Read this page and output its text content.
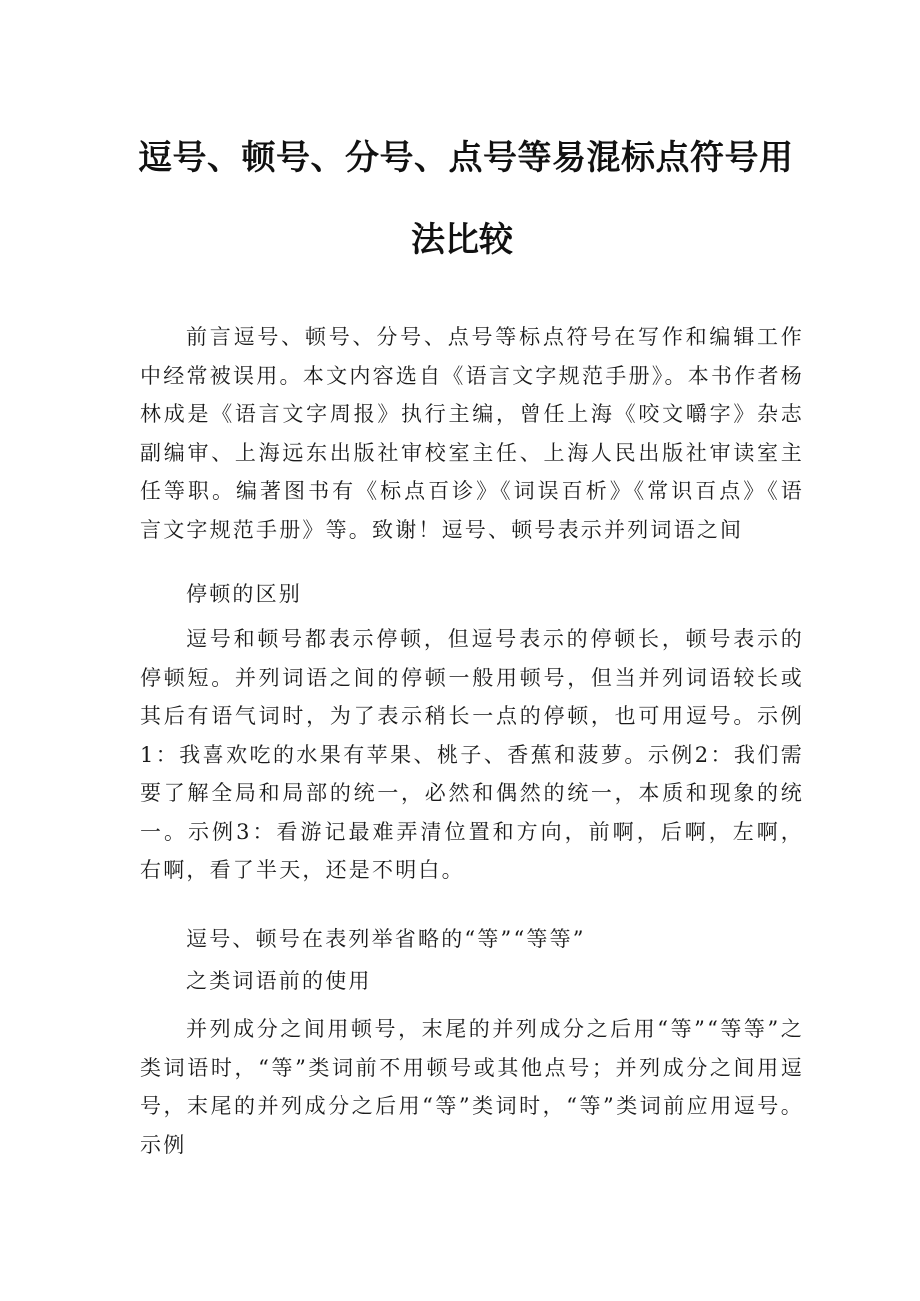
逗号、顿号、分号、点号等易混标点符号用
法比较

前言逗号、顿号、分号、点号等标点符号在写作和编辑工作中经常被误用。本文内容选自《语言文字规范手册》。本书作者杨林成是《语言文字周报》执行主编，曾任上海《咬文嚼字》杂志副编审、上海远东出版社审校室主任、上海人民出版社审读室主任等职。编著图书有《标点百诊》《词误百析》《常识百点》《语言文字规范手册》等。致谢！逗号、顿号表示并列词语之间

停顿的区别

逗号和顿号都表示停顿，但逗号表示的停顿长，顿号表示的停顿短。并列词语之间的停顿一般用顿号，但当并列词语较长或其后有语气词时，为了表示稍长一点的停顿，也可用逗号。示例1：我喜欢吃的水果有苹果、桃子、香蕉和菠萝。示例2：我们需要了解全局和局部的统一，必然和偶然的统一，本质和现象的统一。示例3：看游记最难弄清位置和方向，前啊，后啊，左啊，右啊，看了半天，还是不明白。

逗号、顿号在表列举省略的“等”“等等”

之类词语前的使用

并列成分之间用顿号，末尾的并列成分之后用“等”“等等”之类词语时，“等”类词前不用顿号或其他点号；并列成分之间用逗号，末尾的并列成分之后用“等”类词时，“等”类词前应用逗号。示例
